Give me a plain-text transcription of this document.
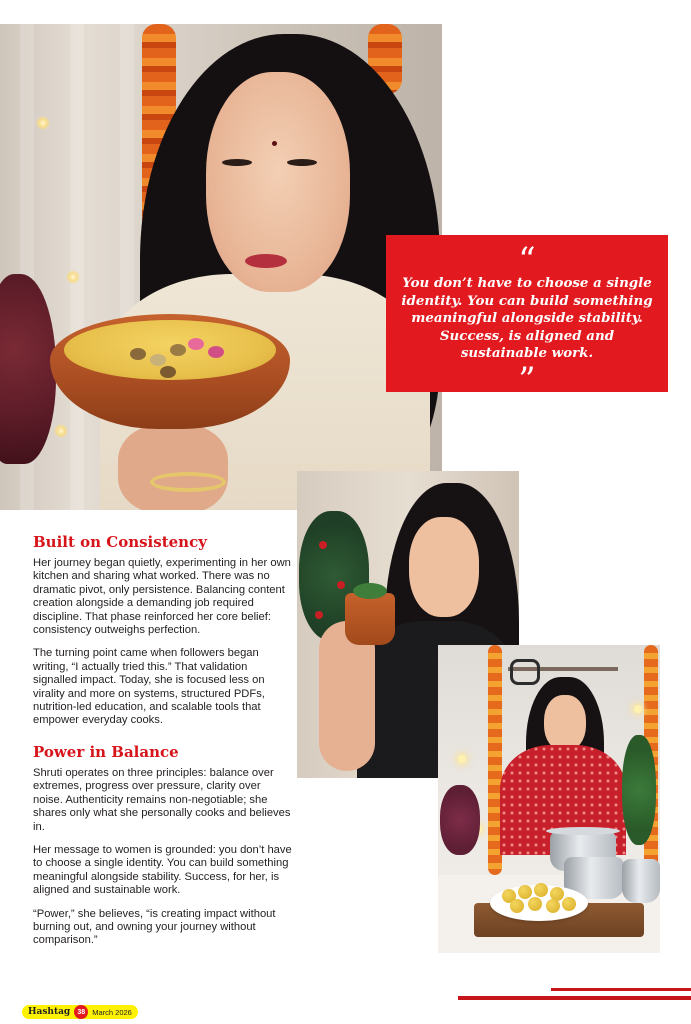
“

You don’t have to choose a single identity. You can build something meaningful alongside stability. Success, is aligned and sustainable work.

”
Built on Consistency

Her journey began quietly, experimenting in her own kitchen and sharing what worked. There was no dramatic pivot, only persistence. Balancing content creation alongside a demanding job required discipline. That phase reinforced her core belief: consistency outweighs perfection.

The turning point came when followers began writing, “I actually tried this.” That validation signalled impact. Today, she is focused less on virality and more on systems, structured PDFs, nutrition-led education, and scalable tools that empower everyday cooks.

Power in Balance

Shruti operates on three principles: balance over extremes, progress over pressure, clarity over noise. Authenticity remains non-negotiable; she shares only what she personally cooks and believes in.

Her message to women is grounded: you don’t have to choose a single identity. You can build something meaningful alongside stability. Success, for her, is aligned and sustainable work.

“Power,” she believes, “is creating impact without burning out, and owning your journey without comparison.”

Hashtag	38 March 2026
